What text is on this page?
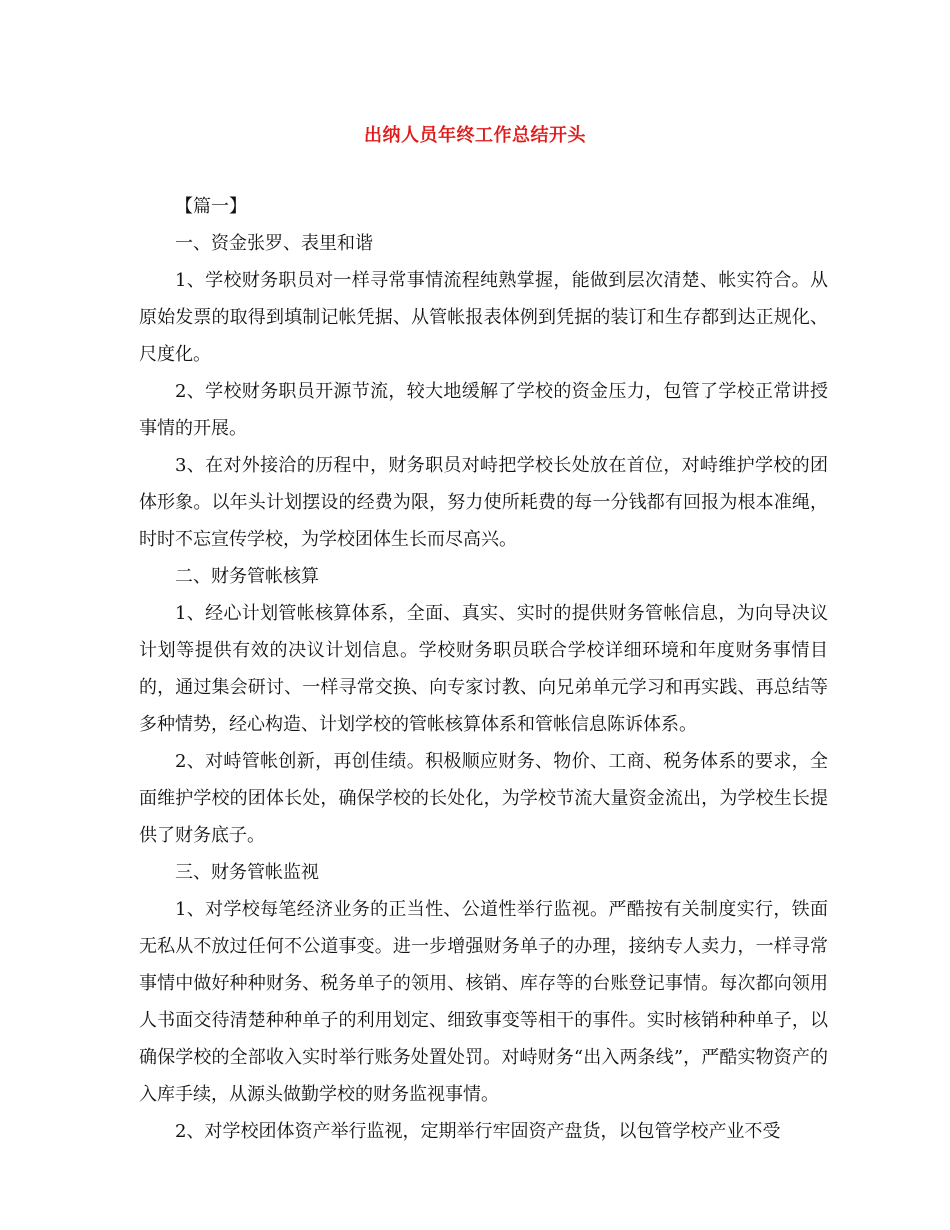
出纳人员年终工作总结开头

【篇一】

一、资金张罗、表里和谐

1、学校财务职员对一样寻常事情流程纯熟掌握，能做到层次清楚、帐实符合。从原始发票的取得到填制记帐凭据、从管帐报表体例到凭据的装订和生存都到达正规化、尺度化。

2、学校财务职员开源节流，较大地缓解了学校的资金压力，包管了学校正常讲授事情的开展。

3、在对外接洽的历程中，财务职员对峙把学校长处放在首位，对峙维护学校的团体形象。以年头计划摆设的经费为限，努力使所耗费的每一分钱都有回报为根本准绳，时时不忘宣传学校，为学校团体生长而尽高兴。

二、财务管帐核算

1、经心计划管帐核算体系，全面、真实、实时的提供财务管帐信息，为向导决议计划等提供有效的决议计划信息。学校财务职员联合学校详细环境和年度财务事情目的，通过集会研讨、一样寻常交换、向专家讨教、向兄弟单元学习和再实践、再总结等多种情势，经心构造、计划学校的管帐核算体系和管帐信息陈诉体系。

2、对峙管帐创新，再创佳绩。积极顺应财务、物价、工商、税务体系的要求，全面维护学校的团体长处，确保学校的长处化，为学校节流大量资金流出，为学校生长提供了财务底子。

三、财务管帐监视

1、对学校每笔经济业务的正当性、公道性举行监视。严酷按有关制度实行，铁面无私从不放过任何不公道事变。进一步增强财务单子的办理，接纳专人卖力，一样寻常事情中做好种种财务、税务单子的领用、核销、库存等的台账登记事情。每次都向领用人书面交待清楚种种单子的利用划定、细致事变等相干的事件。实时核销种种单子，以确保学校的全部收入实时举行账务处置处罚。对峙财务“出入两条线”，严酷实物资产的入库手续，从源头做勤学校的财务监视事情。

2、对学校团体资产举行监视，定期举行牢固资产盘货，以包管学校产业不受
